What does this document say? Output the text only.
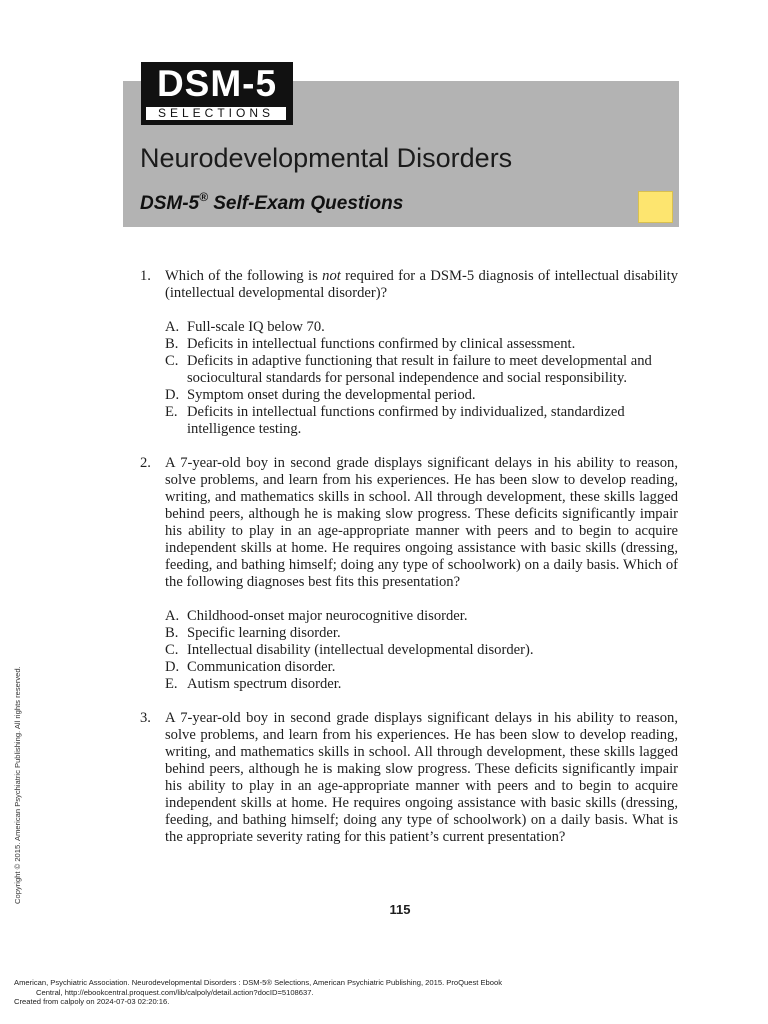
DSM-5
SELECTIONS
Neurodevelopmental Disorders
DSM-5® Self-Exam Questions
1. Which of the following is not required for a DSM-5 diagnosis of intellectual disability (intellectual developmental disorder)?
A. Full-scale IQ below 70.
B. Deficits in intellectual functions confirmed by clinical assessment.
C. Deficits in adaptive functioning that result in failure to meet developmental and sociocultural standards for personal independence and social responsibility.
D. Symptom onset during the developmental period.
E. Deficits in intellectual functions confirmed by individualized, standardized intelligence testing.
2. A 7-year-old boy in second grade displays significant delays in his ability to reason, solve problems, and learn from his experiences. He has been slow to develop reading, writing, and mathematics skills in school. All through development, these skills lagged behind peers, although he is making slow progress. These deficits significantly impair his ability to play in an age-appropriate manner with peers and to begin to acquire independent skills at home. He requires ongoing assistance with basic skills (dressing, feeding, and bathing himself; doing any type of schoolwork) on a daily basis. Which of the following diagnoses best fits this presentation?
A. Childhood-onset major neurocognitive disorder.
B. Specific learning disorder.
C. Intellectual disability (intellectual developmental disorder).
D. Communication disorder.
E. Autism spectrum disorder.
3. A 7-year-old boy in second grade displays significant delays in his ability to reason, solve problems, and learn from his experiences. He has been slow to develop reading, writing, and mathematics skills in school. All through development, these skills lagged behind peers, although he is making slow progress. These deficits significantly impair his ability to play in an age-appropriate manner with peers and to begin to acquire independent skills at home. He requires ongoing assistance with basic skills (dressing, feeding, and bathing himself; doing any type of schoolwork) on a daily basis. What is the appropriate severity rating for this patient’s current presentation?
Copyright © 2015. American Psychiatric Publishing. All rights reserved.
115
American, Psychiatric Association. Neurodevelopmental Disorders : DSM-5® Selections, American Psychiatric Publishing, 2015. ProQuest Ebook
Central, http://ebookcentral.proquest.com/lib/calpoly/detail.action?docID=5108637.
Created from calpoly on 2024-07-03 02:20:16.
